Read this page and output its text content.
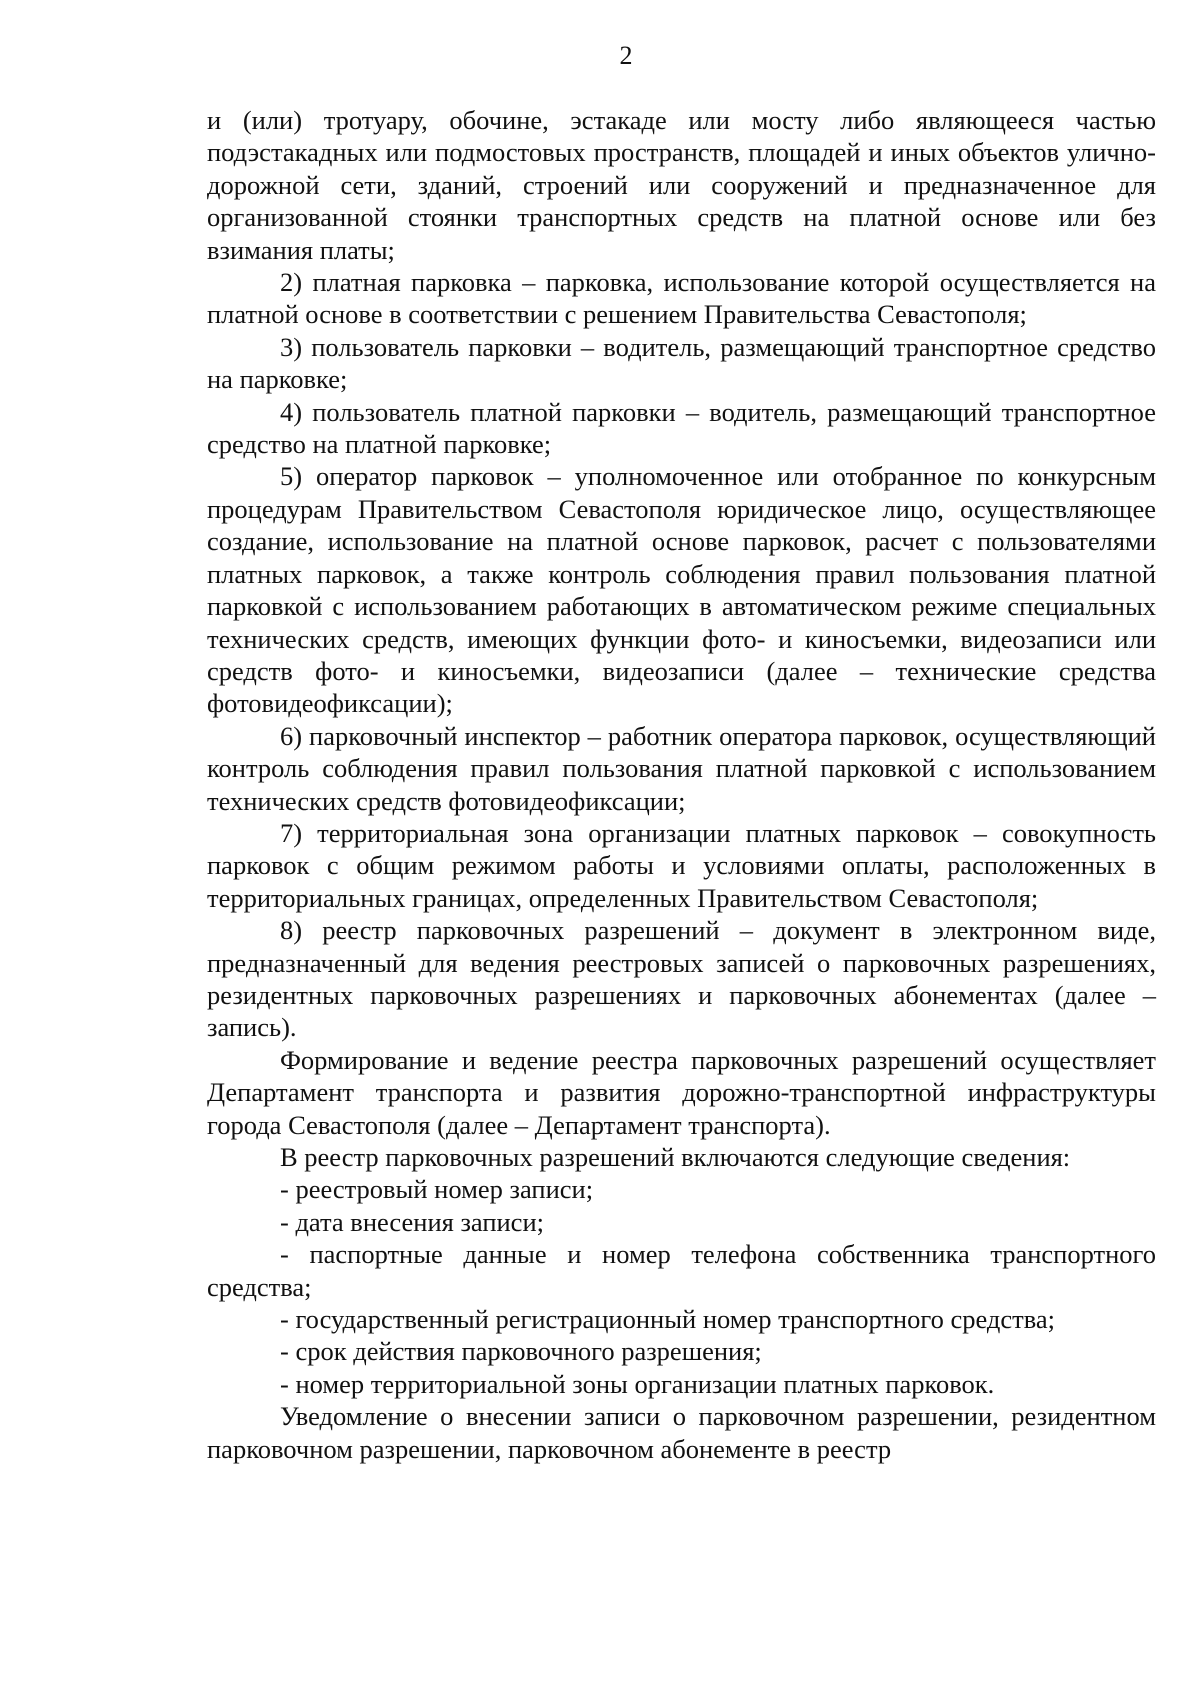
2

и (или) тротуару, обочине, эстакаде или мосту либо являющееся частью подэстакадных или подмостовых пространств, площадей и иных объектов улично-дорожной сети, зданий, строений или сооружений и предназначенное для организованной стоянки транспортных средств на платной основе или без взимания платы;

2) платная парковка – парковка, использование которой осуществляется на платной основе в соответствии с решением Правительства Севастополя;

3) пользователь парковки – водитель, размещающий транспортное средство на парковке;

4) пользователь платной парковки – водитель, размещающий транспортное средство на платной парковке;

5) оператор парковок – уполномоченное или отобранное по конкурсным процедурам Правительством Севастополя юридическое лицо, осуществляющее создание, использование на платной основе парковок, расчет с пользователями платных парковок, а также контроль соблюдения правил пользования платной парковкой с использованием работающих в автоматическом режиме специальных технических средств, имеющих функции фото- и киносъемки, видеозаписи или средств фото- и киносъемки, видеозаписи (далее – технические средства фотовидеофиксации);

6) парковочный инспектор – работник оператора парковок, осуществляющий контроль соблюдения правил пользования платной парковкой с использованием технических средств фотовидеофиксации;

7) территориальная зона организации платных парковок – совокупность парковок с общим режимом работы и условиями оплаты, расположенных в территориальных границах, определенных Правительством Севастополя;

8) реестр парковочных разрешений – документ в электронном виде, предназначенный для ведения реестровых записей о парковочных разрешениях, резидентных парковочных разрешениях и парковочных абонементах (далее – запись).

Формирование и ведение реестра парковочных разрешений осуществляет Департамент транспорта и развития дорожно-транспортной инфраструктуры города Севастополя (далее – Департамент транспорта).

В реестр парковочных разрешений включаются следующие сведения:

- реестровый номер записи;

- дата внесения записи;

- паспортные данные и номер телефона собственника транспортного средства;

- государственный регистрационный номер транспортного средства;

- срок действия парковочного разрешения;

- номер территориальной зоны организации платных парковок.

Уведомление о внесении записи о парковочном разрешении, резидентном парковочном разрешении, парковочном абонементе в реестр
